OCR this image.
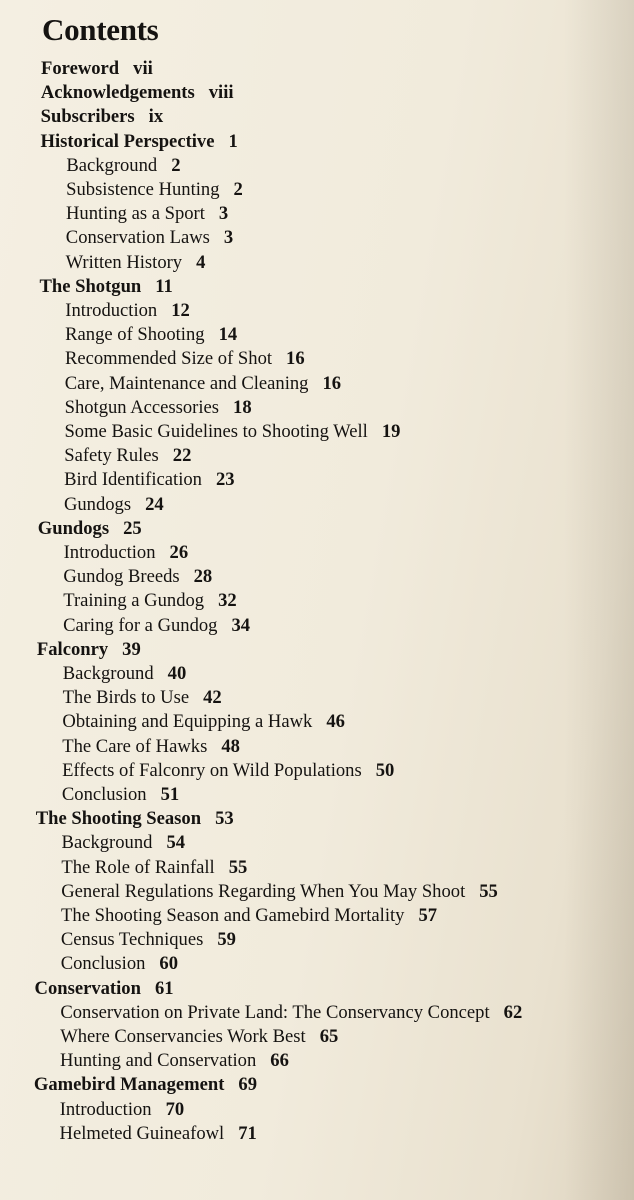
Contents
Foreword vii
Acknowledgements viii
Subscribers ix
Historical Perspective 1
Background 2
Subsistence Hunting 2
Hunting as a Sport 3
Conservation Laws 3
Written History 4
The Shotgun 11
Introduction 12
Range of Shooting 14
Recommended Size of Shot 16
Care, Maintenance and Cleaning 16
Shotgun Accessories 18
Some Basic Guidelines to Shooting Well 19
Safety Rules 22
Bird Identification 23
Gundogs 24
Gundogs 25
Introduction 26
Gundog Breeds 28
Training a Gundog 32
Caring for a Gundog 34
Falconry 39
Background 40
The Birds to Use 42
Obtaining and Equipping a Hawk 46
The Care of Hawks 48
Effects of Falconry on Wild Populations 50
Conclusion 51
The Shooting Season 53
Background 54
The Role of Rainfall 55
General Regulations Regarding When You May Shoot 55
The Shooting Season and Gamebird Mortality 57
Census Techniques 59
Conclusion 60
Conservation 61
Conservation on Private Land: The Conservancy Concept 62
Where Conservancies Work Best 65
Hunting and Conservation 66
Gamebird Management 69
Introduction 70
Helmeted Guineafowl 71
